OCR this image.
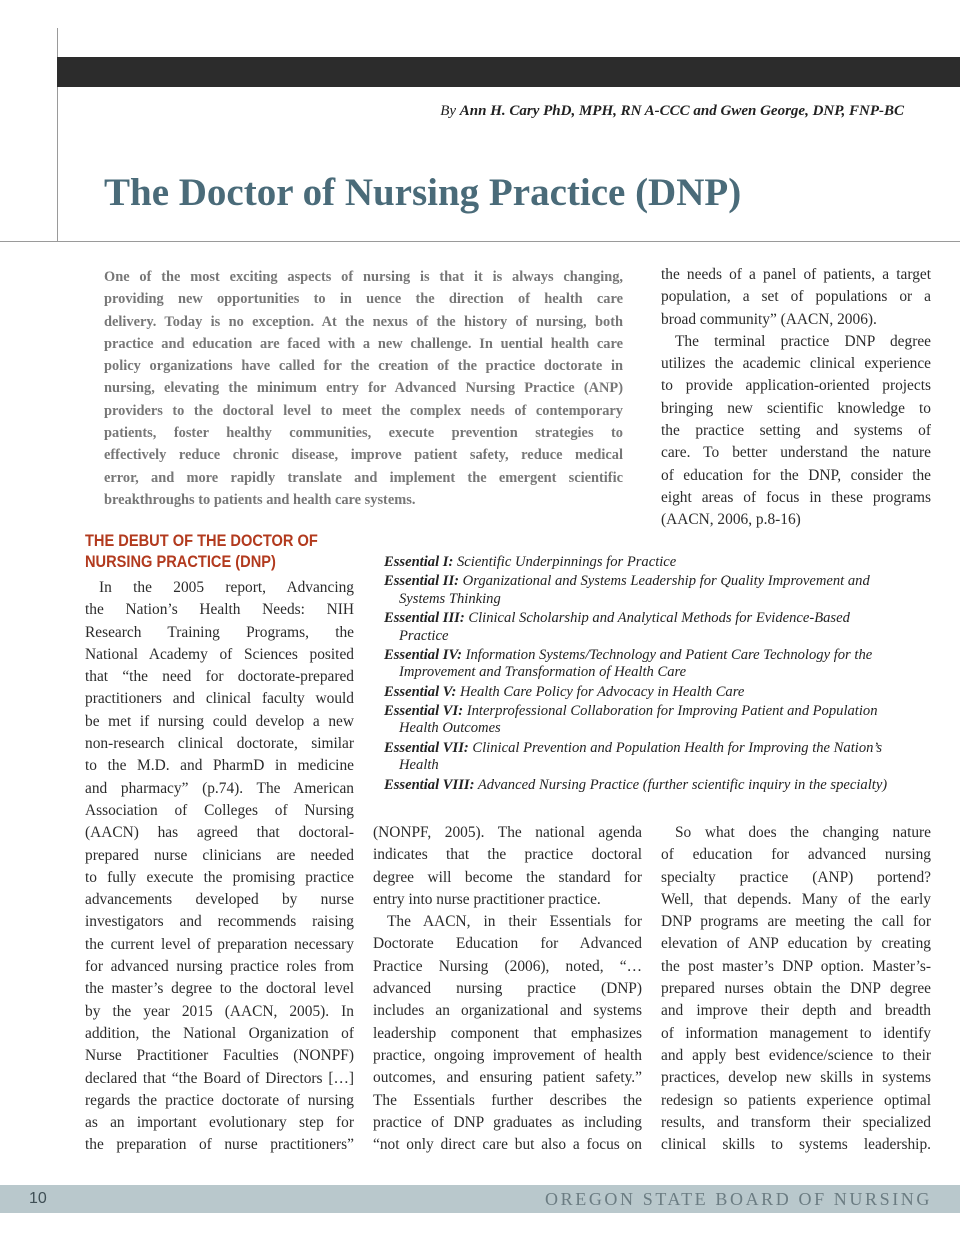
By Ann H. Cary PhD, MPH, RN A-CCC and Gwen George, DNP, FNP-BC
The Doctor of Nursing Practice (DNP)

One of the most exciting aspects of nursing is that it is always changing,

providing new opportunities to in uence the direction of health care

delivery. Today is no exception. At the nexus of the history of nursing, both

practice and education are faced with a new challenge. In uential health care

policy organizations have called for the creation of the practice doctorate in

nursing, elevating the minimum entry for Advanced Nursing Practice (ANP)

providers to the doctoral level to meet the complex needs of contemporary

patients, foster healthy communities, execute prevention strategies to

effectively reduce chronic disease, improve patient safety, reduce medical

error, and more rapidly translate and implement the emergent scientific

breakthroughs to patients and health care systems.

the needs of a panel of patients, a target

population, a set of populations or a

broad community” (AACN, 2006).

The terminal practice DNP degree

utilizes the academic clinical experience

to provide application-oriented projects

bringing new scientific knowledge to

the practice setting and systems of

care. To better understand the nature

of education for the DNP, consider the

eight areas of focus in these programs

(AACN, 2006, p.8-16)

THE DEBUT OF THE DOCTOR OF
NURSING PRACTICE (DNP)

In the 2005 report, Advancing

the Nation’s Health Needs: NIH

Research Training Programs, the

National Academy of Sciences posited

that “the need for doctorate-prepared

practitioners and clinical faculty would

be met if nursing could develop a new

non-research clinical doctorate, similar

to the M.D. and PharmD in medicine

and pharmacy” (p.74). The American

Association of Colleges of Nursing

(AACN) has agreed that doctoral-

prepared nurse clinicians are needed

to fully execute the promising practice

advancements developed by nurse

investigators and recommends raising

the current level of preparation necessary

for advanced nursing practice roles from

the master’s degree to the doctoral level

by the year 2015 (AACN, 2005). In

addition, the National Organization of

Nurse Practitioner Faculties (NONPF)

declared that “the Board of Directors […]

regards the practice doctorate of nursing

as an important evolutionary step for

the preparation of nurse practitioners”

Essential I: Scientific Underpinnings for Practice
Essential II: Organizational and Systems Leadership for Quality Improvement and
Systems Thinking
Essential III: Clinical Scholarship and Analytical Methods for Evidence-Based
Practice
Essential IV: Information Systems/Technology and Patient Care Technology for the
Improvement and Transformation of Health Care
Essential V: Health Care Policy for Advocacy in Health Care
Essential VI: Interprofessional Collaboration for Improving Patient and Population
Health Outcomes
Essential VII: Clinical Prevention and Population Health for Improving the Nation’s
Health
Essential VIII: Advanced Nursing Practice (further scientific inquiry in the specialty)

(NONPF, 2005). The national agenda

indicates that the practice doctoral

degree will become the standard for

entry into nurse practitioner practice.

The AACN, in their Essentials for

Doctorate Education for Advanced

Practice Nursing (2006), noted, “…

advanced nursing practice (DNP)

includes an organizational and systems

leadership component that emphasizes

practice, ongoing improvement of health

outcomes, and ensuring patient safety.”

The Essentials further describes the

practice of DNP graduates as including

“not only direct care but also a focus on

So what does the changing nature

of education for advanced nursing

specialty practice (ANP) portend?

Well, that depends. Many of the early

DNP programs are meeting the call for

elevation of ANP education by creating

the post master’s DNP option. Master’s-

prepared nurses obtain the DNP degree

and improve their depth and breadth

of information management to identify

and apply best evidence/science to their

practices, develop new skills in systems

redesign so patients experience optimal

results, and transform their specialized

clinical skills to systems leadership.

10	OREGON STATE BOARD OF NURSING
